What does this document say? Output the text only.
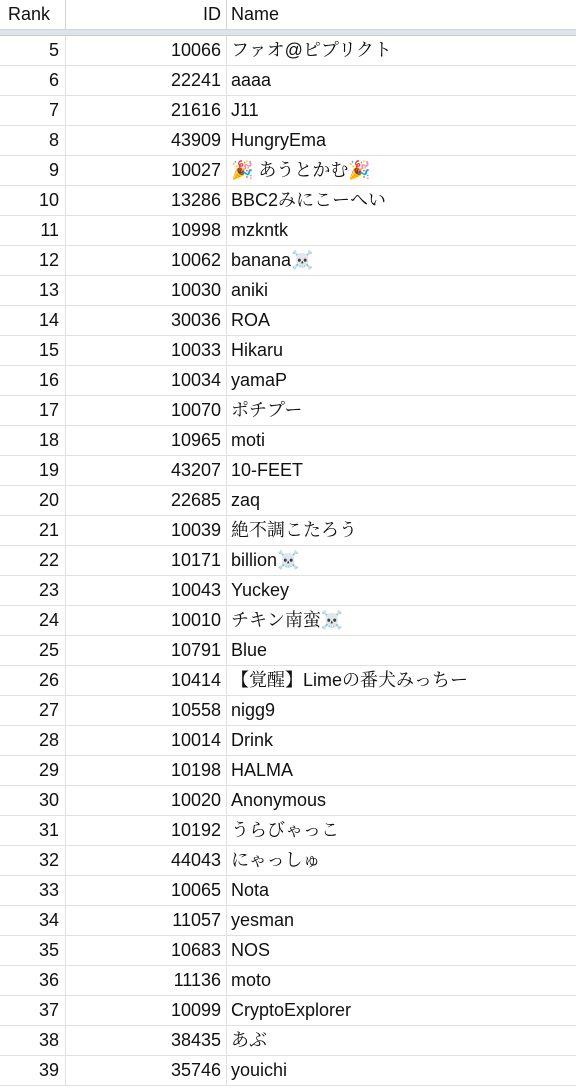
Rank	ID Name
5	10066 ファオ@ピプリクト
6	22241 aaaa
7	21616 J11
8	43909 HungryEma
9	10027 🎉 あうとかむ🎉
10	13286 BBC2みにこーへい
11	10998 mzkntk
12	10062 banana☠️
13	10030 aniki
14	30036 ROA
15	10033 Hikaru
16	10034 yamaP
17	10070 ポチプー
18	10965 moti
19	43207 10-FEET
20	22685 zaq
21	10039 絶不調こたろう
22	10171 billion☠️
23	10043 Yuckey
24	10010 チキン南蛮☠️
25	10791 Blue
26	10414 【覚醒】Limeの番犬みっちー
27	10558 nigg9
28	10014 Drink
29	10198 HALMA
30	10020 Anonymous
31	10192 うらびゃっこ
32	44043 にゃっしゅ
33	10065 Nota
34	11057 yesman
35	10683 NOS
36	11136 moto
37	10099 CryptoExplorer
38	38435 あぶ
39	35746 youichi
